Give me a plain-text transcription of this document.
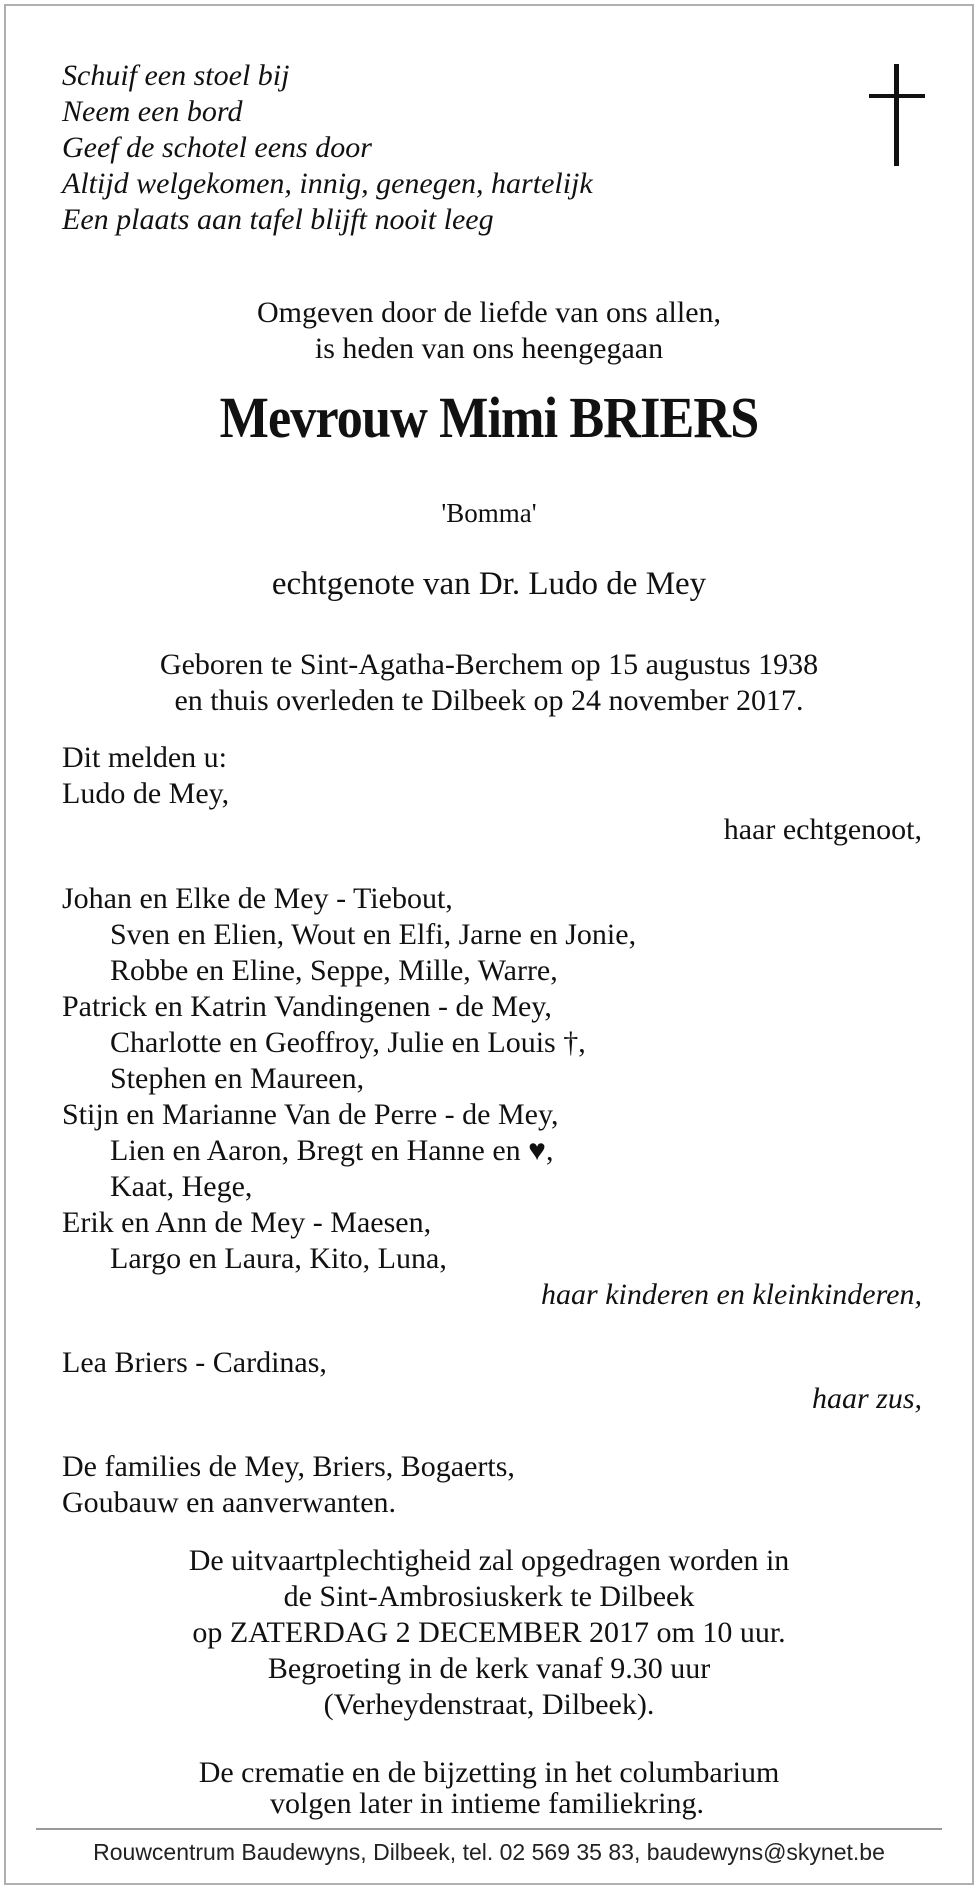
Schuif een stoel bij
Neem een bord
Geef de schotel eens door
Altijd welgekomen, innig, genegen, hartelijk
Een plaats aan tafel blijft nooit leeg
Omgeven door de liefde van ons allen,
is heden van ons heengegaan
Mevrouw Mimi BRIERS
'Bomma'
echtgenote van Dr. Ludo de Mey
Geboren te Sint-Agatha-Berchem op 15 augustus 1938
en thuis overleden te Dilbeek op 24 november 2017.
Dit melden u:
Ludo de Mey,
haar echtgenoot,
Johan en Elke de Mey - Tiebout,
Sven en Elien, Wout en Elfi, Jarne en Jonie,
Robbe en Eline, Seppe, Mille, Warre,
Patrick en Katrin Vandingenen - de Mey,
Charlotte en Geoffroy, Julie en Louis †,
Stephen en Maureen,
Stijn en Marianne Van de Perre - de Mey,
Lien en Aaron, Bregt en Hanne en ♥,
Kaat, Hege,
Erik en Ann de Mey - Maesen,
Largo en Laura, Kito, Luna,
haar kinderen en kleinkinderen,
Lea Briers - Cardinas,
haar zus,
De families de Mey, Briers, Bogaerts,
Goubauw en aanverwanten.
De uitvaartplechtigheid zal opgedragen worden in
de Sint-Ambrosiuskerk te Dilbeek
op ZATERDAG 2 DECEMBER 2017 om 10 uur.
Begroeting in de kerk vanaf 9.30 uur
(Verheydenstraat, Dilbeek).
De crematie en de bijzetting in het columbarium
Rouwcentrum Baudewyns, Dilbeek, tel. 02 569 35 83, baudewyns@skynet.be
volgen later in intieme familiekring.
